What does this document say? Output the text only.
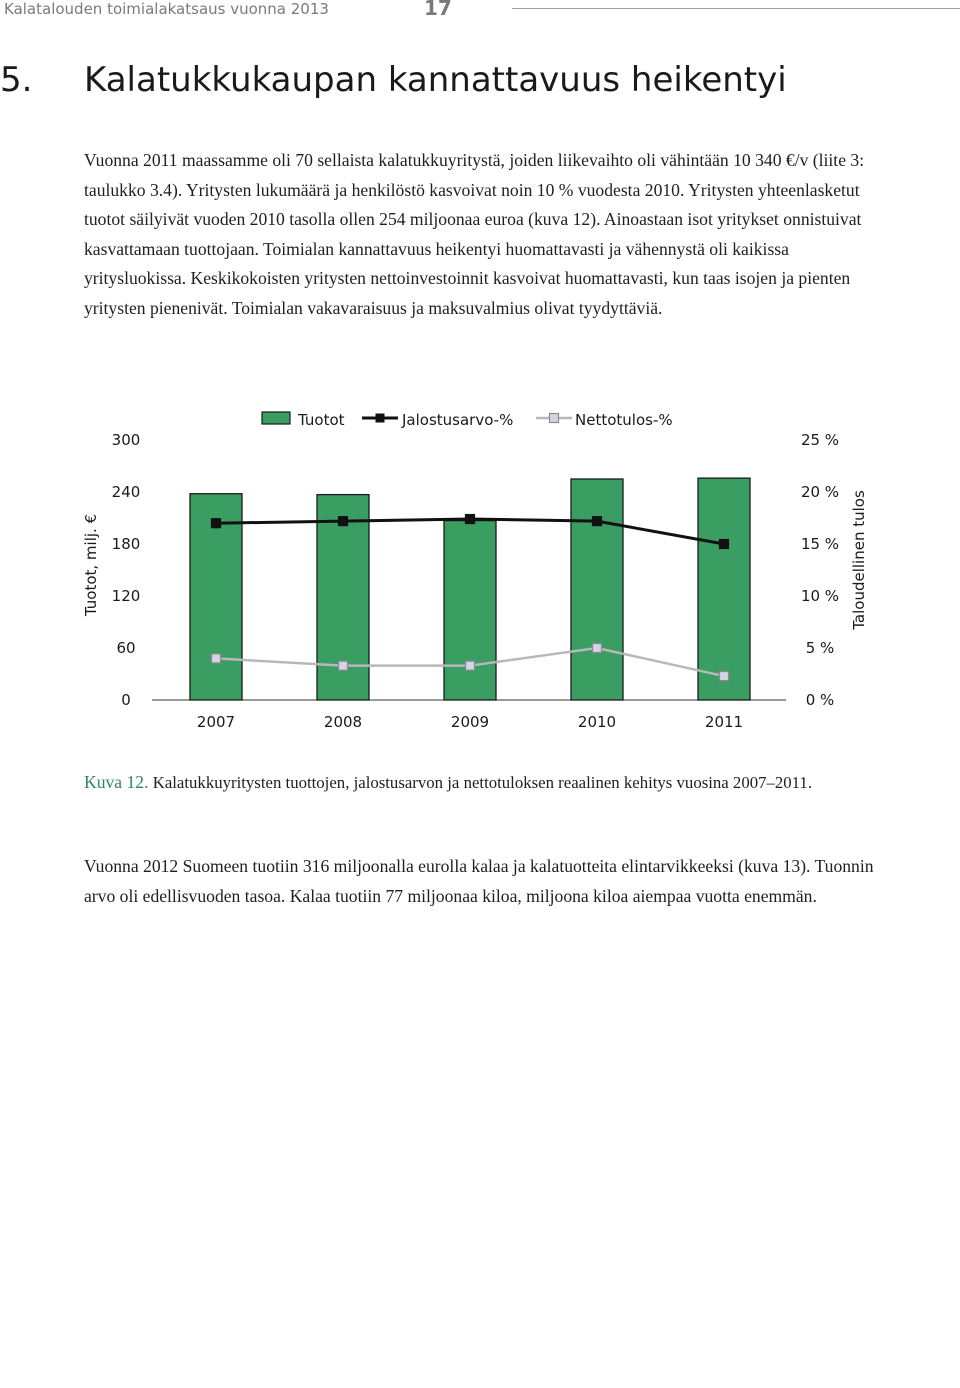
Kalatalouden toimialakatsaus vuonna 2013	17
5. Kalatukkukaupan kannattavuus heikentyi

Vuonna 2011 maassamme oli 70 sellaista kalatukkuyritystä, joiden liikevaihto oli vähintään 10 340 €/v (liite 3: taulukko 3.4). Yritysten lukumäärä ja henkilöstö kasvoivat noin 10 % vuodesta 2010. Yritysten yhteenlasketut tuotot säilyivät vuoden 2010 tasolla ollen 254 miljoonaa euroa (kuva 12). Ainoastaan isot yritykset onnistuivat kasvattamaan tuottojaan. Toimialan kannattavuus heikentyi huomattavasti ja vähennystä oli kaikissa yritysluokissa. Keskikokoisten yritysten nettoinvestoinnit kasvoivat huomattavasti, kun taas isojen ja pienten yritysten pienenivät. Toimialan vakavaraisuus ja maksuvalmius olivat tyydyttäviä.

Tuotot	Jalostusarvo-%	Nettotulos-%
0
60
120
180
240
300
0 %
5 %
10 %
15 %
20 %
25 %
Tuotot, milj. €	Taloudellinen tulos
2007	2008	2009	2010	2011
Kuva 12. Kalatukkuyritysten tuottojen, jalostusarvon ja nettotuloksen reaalinen kehitys vuosina 2007–2011.

Vuonna 2012 Suomeen tuotiin 316 miljoonalla eurolla kalaa ja kalatuotteita elintarvikkeeksi (kuva 13). Tuonnin arvo oli edellisvuoden tasoa. Kalaa tuotiin 77 miljoonaa kiloa, miljoona kiloa aiempaa vuotta enemmän.
